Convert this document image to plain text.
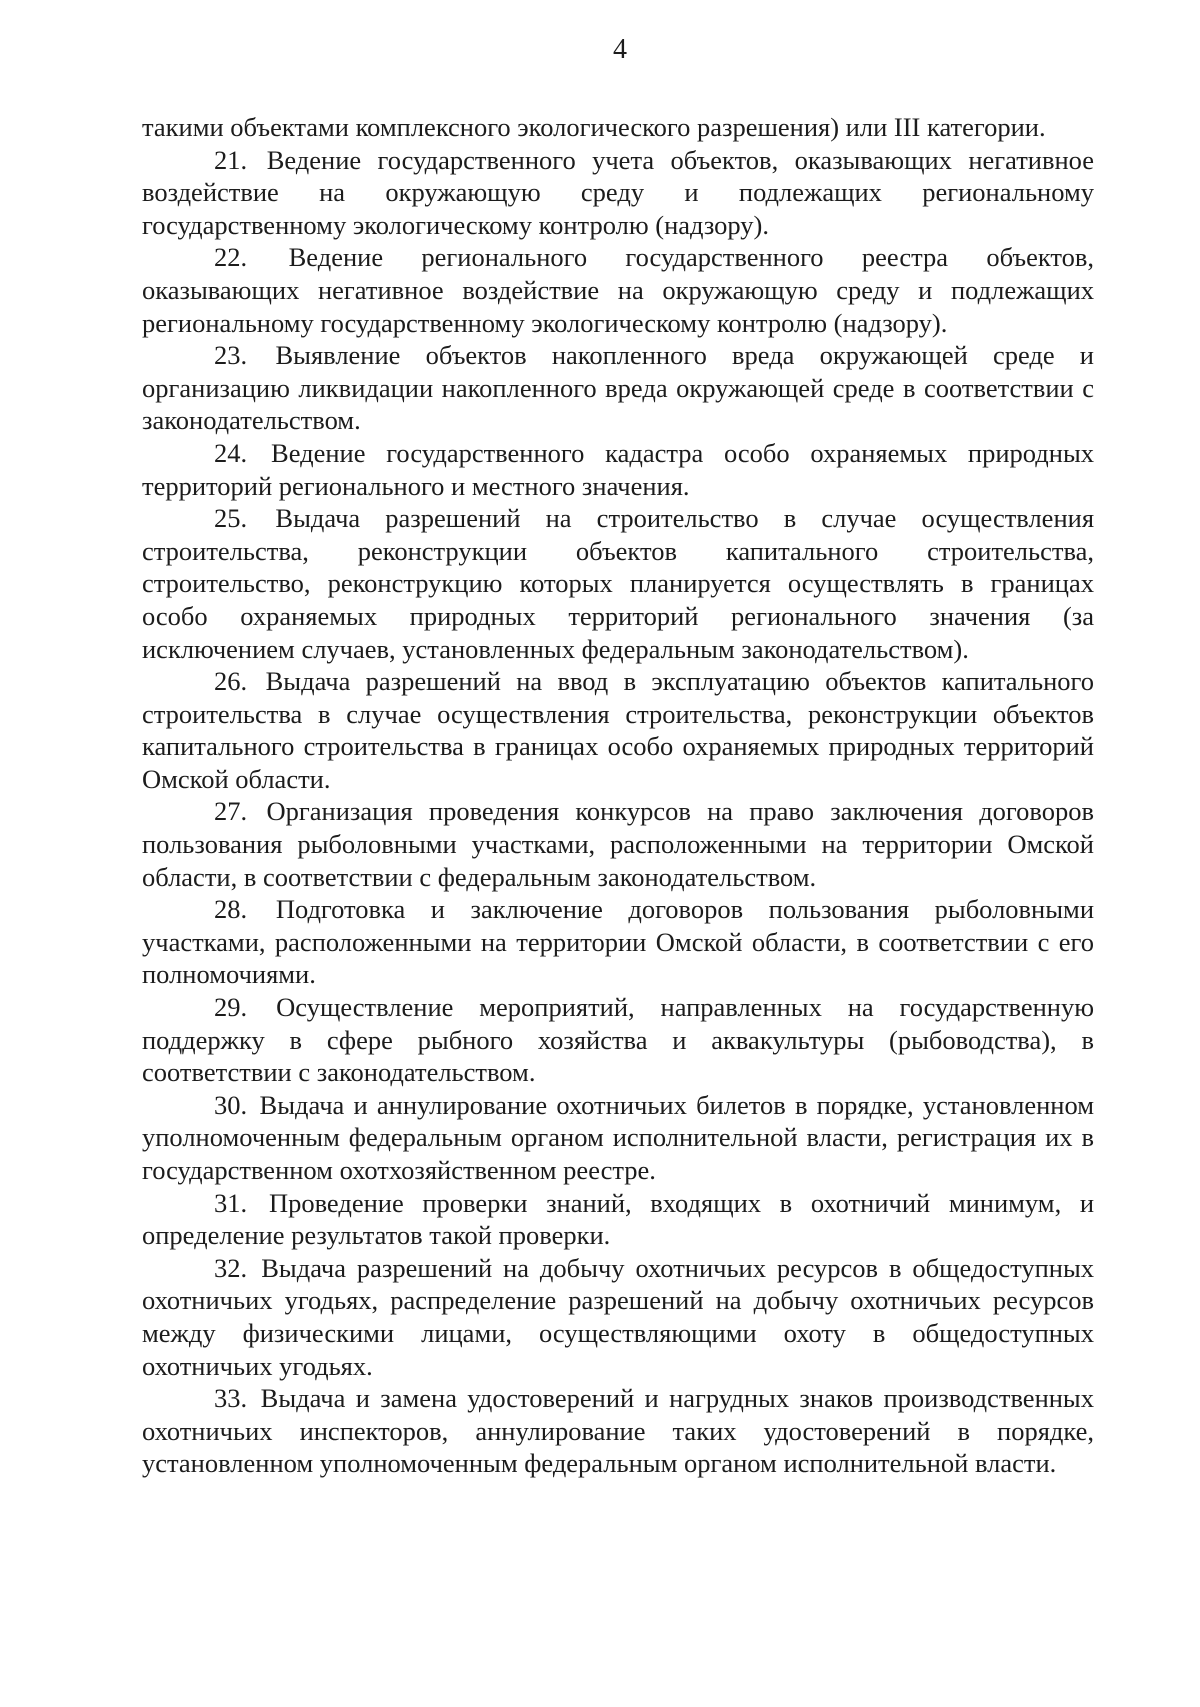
4

такими объектами комплексного экологического разрешения) или III категории.

21. Ведение государственного учета объектов, оказывающих негативное воздействие на окружающую среду и подлежащих региональному государственному экологическому контролю (надзору).

22. Ведение регионального государственного реестра объектов, оказывающих негативное воздействие на окружающую среду и подлежащих региональному государственному экологическому контролю (надзору).

23. Выявление объектов накопленного вреда окружающей среде и организацию ликвидации накопленного вреда окружающей среде в соответствии с законодательством.

24. Ведение государственного кадастра особо охраняемых природных территорий регионального и местного значения.

25. Выдача разрешений на строительство в случае осуществления строительства, реконструкции объектов капитального строительства, строительство, реконструкцию которых планируется осуществлять в границах особо охраняемых природных территорий регионального значения (за исключением случаев, установленных федеральным законодательством).

26. Выдача разрешений на ввод в эксплуатацию объектов капитального строительства в случае осуществления строительства, реконструкции объектов капитального строительства в границах особо охраняемых природных территорий Омской области.

27. Организация проведения конкурсов на право заключения договоров пользования рыболовными участками, расположенными на территории Омской области, в соответствии с федеральным законодательством.

28. Подготовка и заключение договоров пользования рыболовными участками, расположенными на территории Омской области, в соответствии с его полномочиями.

29. Осуществление мероприятий, направленных на государственную поддержку в сфере рыбного хозяйства и аквакультуры (рыбоводства), в соответствии с законодательством.

30. Выдача и аннулирование охотничьих билетов в порядке, установленном уполномоченным федеральным органом исполнительной власти, регистрация их в государственном охотхозяйственном реестре.

31. Проведение проверки знаний, входящих в охотничий минимум, и определение результатов такой проверки.

32. Выдача разрешений на добычу охотничьих ресурсов в общедоступных охотничьих угодьях, распределение разрешений на добычу охотничьих ресурсов между физическими лицами, осуществляющими охоту в общедоступных охотничьих угодьях.

33. Выдача и замена удостоверений и нагрудных знаков производственных охотничьих инспекторов, аннулирование таких удостоверений в порядке, установленном уполномоченным федеральным органом исполнительной власти.
